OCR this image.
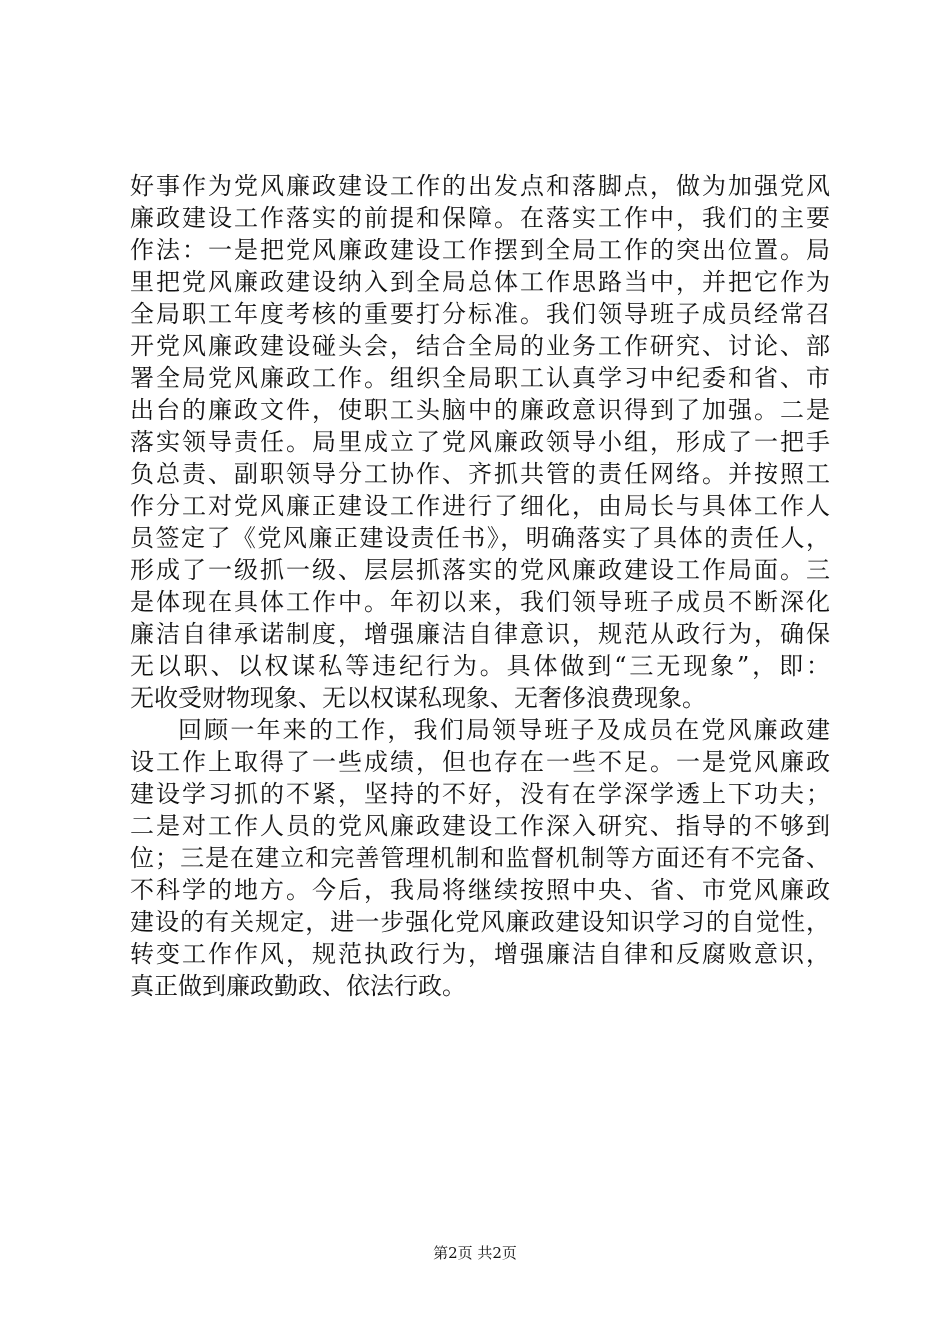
好事作为党风廉政建设工作的出发点和落脚点，做为加强党风
廉政建设工作落实的前提和保障。在落实工作中，我们的主要
作法：一是把党风廉政建设工作摆到全局工作的突出位置。局
里把党风廉政建设纳入到全局总体工作思路当中，并把它作为
全局职工年度考核的重要打分标准。我们领导班子成员经常召
开党风廉政建设碰头会，结合全局的业务工作研究、讨论、部
署全局党风廉政工作。组织全局职工认真学习中纪委和省、市
出台的廉政文件，使职工头脑中的廉政意识得到了加强。二是
落实领导责任。局里成立了党风廉政领导小组，形成了一把手
负总责、副职领导分工协作、齐抓共管的责任网络。并按照工
作分工对党风廉正建设工作进行了细化，由局长与具体工作人
员签定了《党风廉正建设责任书》，明确落实了具体的责任人，
形成了一级抓一级、层层抓落实的党风廉政建设工作局面。三
是体现在具体工作中。年初以来，我们领导班子成员不断深化
廉洁自律承诺制度，增强廉洁自律意识，规范从政行为，确保
无以职、以权谋私等违纪行为。具体做到“三无现象”，即：
无收受财物现象、无以权谋私现象、无奢侈浪费现象。
回顾一年来的工作，我们局领导班子及成员在党风廉政建
设工作上取得了一些成绩，但也存在一些不足。一是党风廉政
建设学习抓的不紧，坚持的不好，没有在学深学透上下功夫；
二是对工作人员的党风廉政建设工作深入研究、指导的不够到
位；三是在建立和完善管理机制和监督机制等方面还有不完备、
不科学的地方。今后，我局将继续按照中央、省、市党风廉政
建设的有关规定，进一步强化党风廉政建设知识学习的自觉性，
转变工作作风，规范执政行为，增强廉洁自律和反腐败意识，
真正做到廉政勤政、依法行政。
第2页 共2页
